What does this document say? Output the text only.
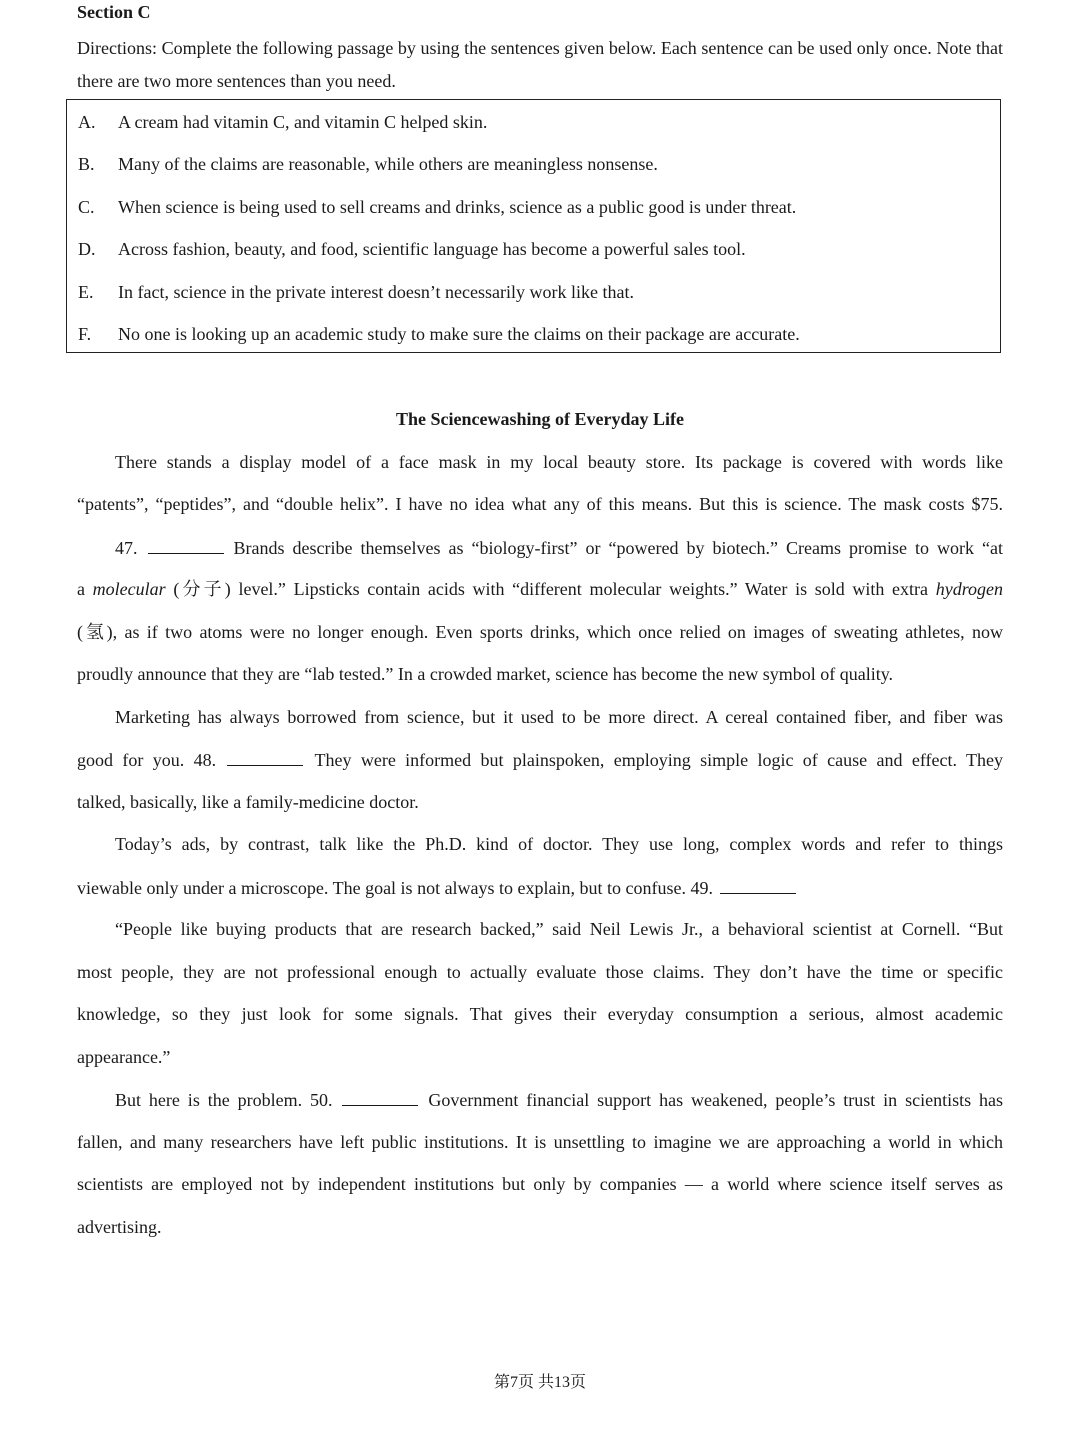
Section C
Directions: Complete the following passage by using the sentences given below. Each sentence can be used only once. Note that there are two more sentences than you need.
A. A cream had vitamin C, and vitamin C helped skin.
B. Many of the claims are reasonable, while others are meaningless nonsense.
C. When science is being used to sell creams and drinks, science as a public good is under threat.
D. Across fashion, beauty, and food, scientific language has become a powerful sales tool.
E. In fact, science in the private interest doesn’t necessarily work like that.
F. No one is looking up an academic study to make sure the claims on their package are accurate.
The Sciencewashing of Everyday Life
There stands a display model of a face mask in my local beauty store. Its package is covered with words like
“patents”, “peptides”, and “double helix”. I have no idea what any of this means. But this is science. The mask costs $75.
47.	Brands describe themselves as “biology-first” or “powered by biotech.” Creams promise to work “at
a molecular (分子) level.” Lipsticks contain acids with “different molecular weights.” Water is sold with extra hydrogen
(氢), as if two atoms were no longer enough. Even sports drinks, which once relied on images of sweating athletes, now
proudly announce that they are “lab tested.” In a crowded market, science has become the new symbol of quality.
Marketing has always borrowed from science, but it used to be more direct. A cereal contained fiber, and fiber was
good for you. 48.	They were informed but plainspoken, employing simple logic of cause and effect. They
talked, basically, like a family-medicine doctor.
Today’s ads, by contrast, talk like the Ph.D. kind of doctor. They use long, complex words and refer to things
viewable only under a microscope. The goal is not always to explain, but to confuse. 49.
“People like buying products that are research backed,” said Neil Lewis Jr., a behavioral scientist at Cornell. “But
most people, they are not professional enough to actually evaluate those claims. They don’t have the time or specific
knowledge, so they just look for some signals. That gives their everyday consumption a serious, almost academic
appearance.”
But here is the problem. 50.	Government financial support has weakened, people’s trust in scientists has
fallen, and many researchers have left public institutions. It is unsettling to imagine we are approaching a world in which
scientists are employed not by independent institutions but only by companies — a world where science itself serves as
advertising.
第7页 共13页
